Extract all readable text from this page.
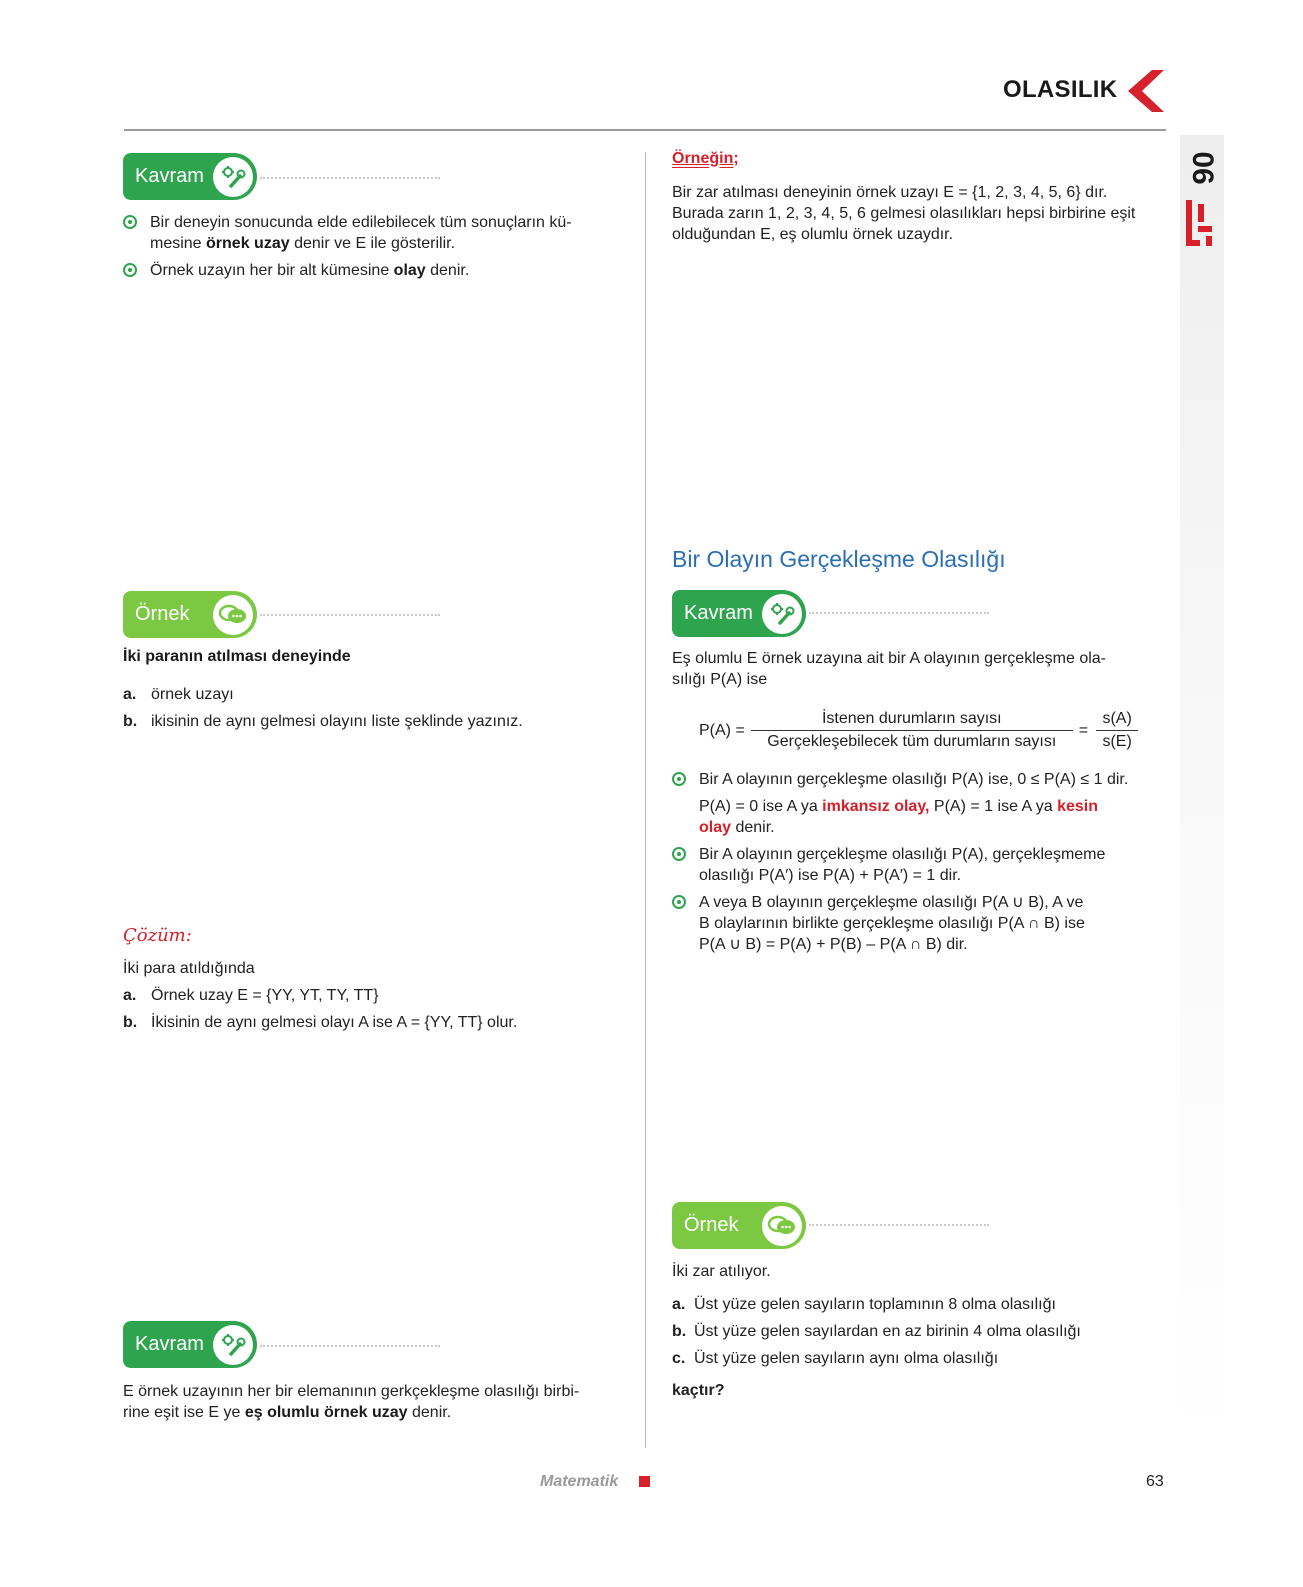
OLASILIK
06
Kavram
Bir deneyin sonucunda elde edilebilecek tüm sonuçların kü-
mesine örnek uzay denir ve E ile gösterilir.
Örnek uzayın her bir alt kümesine olay denir.
Örnek
İki paranın atılması deneyinde
a. örnek uzayı
b. ikisinin de aynı gelmesi olayını liste şeklinde yazınız.
Çözüm:
İki para atıldığında
a. Örnek uzay E = {YY, YT, TY, TT}
b. İkisinin de aynı gelmesi olayı A ise A = {YY, TT} olur.
Kavram
E örnek uzayının her bir elemanının gerkçekleşme olasılığı birbi-
rine eşit ise E ye eş olumlu örnek uzay denir.
Örneğin;
Bir zar atılması deneyinin örnek uzayı E = {1, 2, 3, 4, 5, 6} dır.
Burada zarın 1, 2, 3, 4, 5, 6 gelmesi olasılıkları hepsi birbirine eşit
olduğundan E, eş olumlu örnek uzaydır.
Bir Olayın Gerçekleşme Olasılığı
Kavram
Eş olumlu E örnek uzayına ait bir A olayının gerçekleşme ola-
sılığı P(A) ise
$P(A) = \frac{\text{İstenen durumların sayısı}}{\text{Gerçekleşebilecek tüm durumların sayısı}} = \frac{s(A)}{s(E)}$
Bir A olayının gerçekleşme olasılığı P(A) ise, 0 ≤ P(A) ≤ 1 dir.
P(A) = 0 ise A ya imkansız olay, P(A) = 1 ise A ya kesin
olay denir.
Bir A olayının gerçekleşme olasılığı P(A), gerçekleşmeme
olasılığı P(A′) ise P(A) + P(A′) = 1 dir.
A veya B olayının gerçekleşme olasılığı P(A ∪ B), A ve
B olaylarının birlikte gerçekleşme olasılığı P(A ∩ B) ise
P(A ∪ B) = P(A) + P(B) – P(A ∩ B) dir.
Örnek
İki zar atılıyor.
a. Üst yüze gelen sayıların toplamının 8 olma olasılığı
b. Üst yüze gelen sayılardan en az birinin 4 olma olasılığı
c. Üst yüze gelen sayıların aynı olma olasılığı
kaçtır?
Matematik	63
